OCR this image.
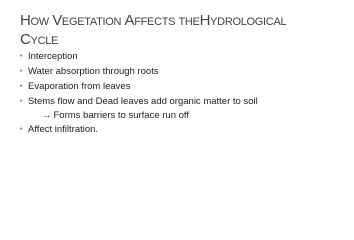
HOW VEGETATION AFFECTS THEHYDROLOGICAL
CYCLE
• Interception
• Water absorption through roots
• Evaporation from leaves
• Stems flow and Dead leaves add organic matter to soil
→ Forms barriers to surface run off
• Affect infiltration.
